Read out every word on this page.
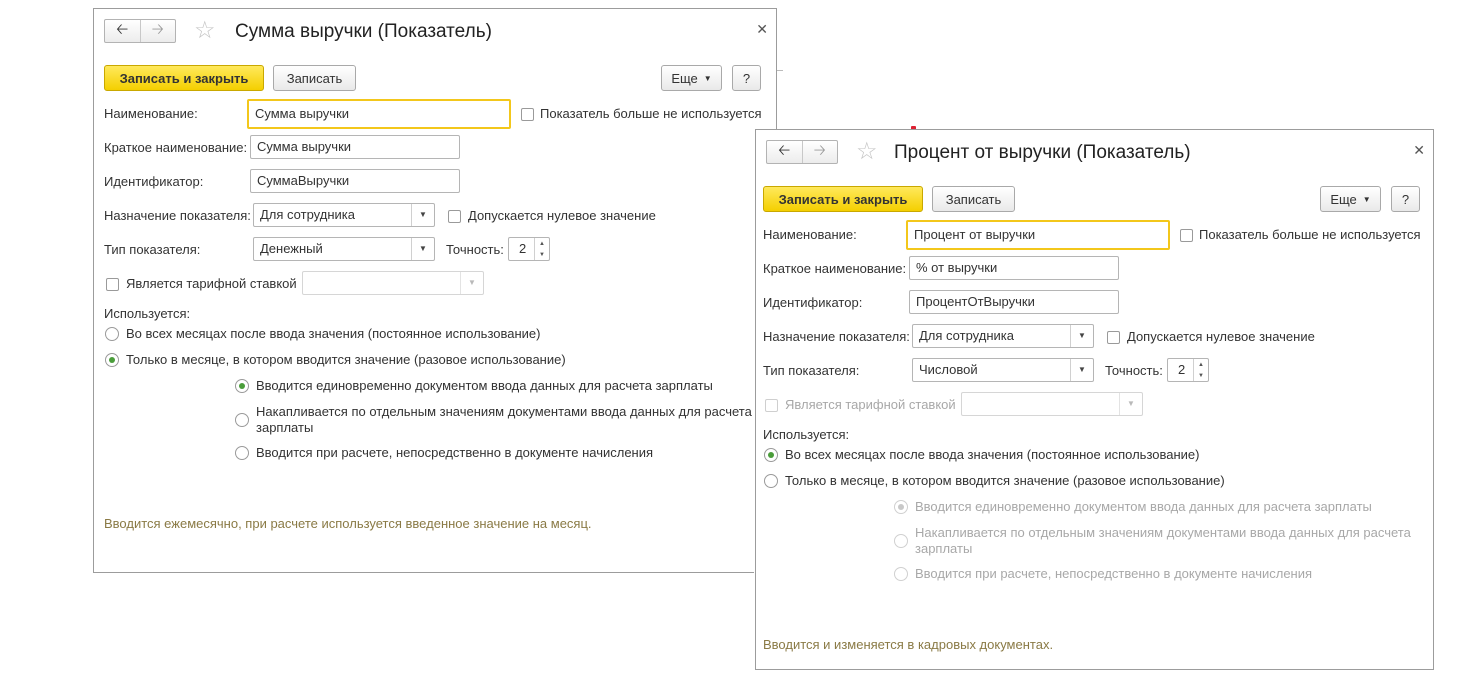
🡠	🡢	☆ Сумма выручки (Показатель)	✕
Записать и закрыть	Записать	Еще ▼	?
Наименование:	Сумма выручки	Показатель больше не используется
Краткое наименование: Сумма выручки
Идентификатор:	СуммаВыручки
Назначение показателя: Для сотрудника	▼	Допускается нулевое значение
Тип показателя:	Денежный	▼	Точность: 2 ▲
▼
Является тарифной ставкой	▼
Используется:
Во всех месяцах после ввода значения (постоянное использование)
Только в месяце, в котором вводится значение (разовое использование)
Вводится единовременно документом ввода данных для расчета зарплаты
Накапливается по отдельным значениям документами ввода данных для расчета
зарплаты
Вводится при расчете, непосредственно в документе начисления
Вводится ежемесячно, при расчете используется введенное значение на месяц.
🡠	🡢	☆ Процент от выручки (Показатель)	✕
Записать и закрыть	Записать	Еще ▼	?
Наименование:	Процент от выручки	Показатель больше не используется
Краткое наименование: % от выручки
Идентификатор:	ПроцентОтВыручки
Назначение показателя: Для сотрудника	▼	Допускается нулевое значение
Тип показателя:	Числовой	▼	Точность: 2 ▲
▼
Является тарифной ставкой	▼
Используется:
Во всех месяцах после ввода значения (постоянное использование)
Только в месяце, в котором вводится значение (разовое использование)
Вводится единовременно документом ввода данных для расчета зарплаты
Накапливается по отдельным значениям документами ввода данных для расчета
зарплаты
Вводится при расчете, непосредственно в документе начисления
Вводится и изменяется в кадровых документах.
